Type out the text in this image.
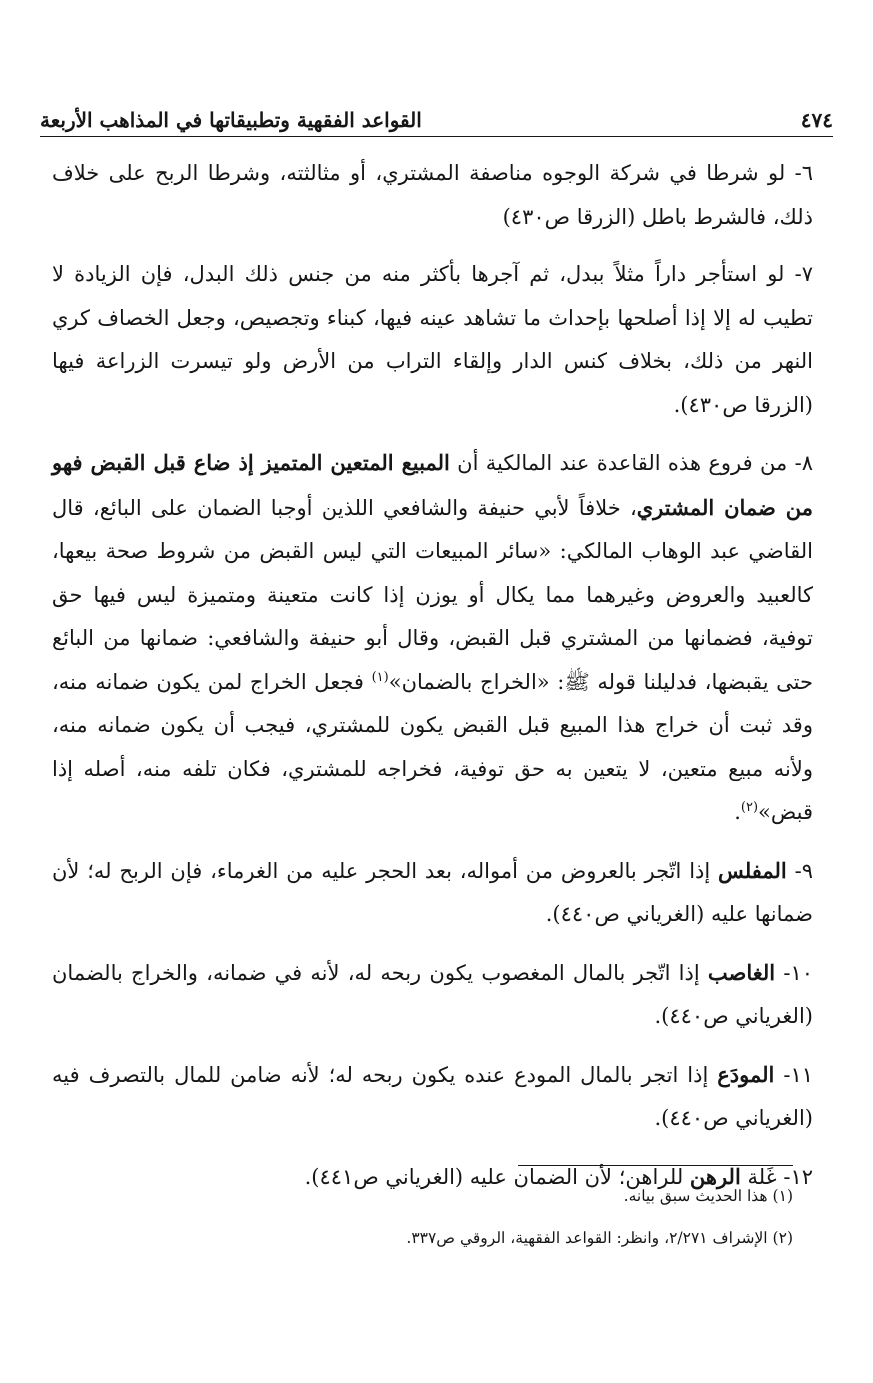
٤٧٤
القواعد الفقهية وتطبيقاتها في المذاهب الأربعة

٦- لو شرطا في شركة الوجوه مناصفة المشتري، أو مثالثته، وشرطا الربح على خلاف ذلك، فالشرط باطل (الزرقا ص٤٣٠)

٧- لو استأجر داراً مثلاً ببدل، ثم آجرها بأكثر منه من جنس ذلك البدل، فإن الزيادة لا تطيب له إلا إذا أصلحها بإحداث ما تشاهد عينه فيها، كبناء وتجصيص، وجعل الخصاف كري النهر من ذلك، بخلاف كنس الدار وإلقاء التراب من الأرض ولو تيسرت الزراعة فيها (الزرقا ص٤٣٠).

٨- من فروع هذه القاعدة عند المالكية أن المبيع المتعين المتميز إذ ضاع قبل القبض فهو من ضمان المشتري، خلافاً لأبي حنيفة والشافعي اللذين أوجبا الضمان على البائع، قال القاضي عبد الوهاب المالكي: «سائر المبيعات التي ليس القبض من شروط صحة بيعها، كالعبيد والعروض وغيرهما مما يكال أو يوزن إذا كانت متعينة ومتميزة ليس فيها حق توفية، فضمانها من المشتري قبل القبض، وقال أبو حنيفة والشافعي: ضمانها من البائع حتى يقبضها، فدليلنا قوله ﷺ: «الخراج بالضمان»$^{(١)}$ فجعل الخراج لمن يكون ضمانه منه، وقد ثبت أن خراج هذا المبيع قبل القبض يكون للمشتري، فيجب أن يكون ضمانه منه، ولأنه مبيع متعين، لا يتعين به حق توفية، فخراجه للمشتري، فكان تلفه منه، أصله إذا قبض»$^{(٢)}$.

٩- المفلس إذا اتّجر بالعروض من أمواله، بعد الحجر عليه من الغرماء، فإن الربح له؛ لأن ضمانها عليه (الغرياني ص٤٤٠).

١٠- الغاصب إذا اتّجر بالمال المغصوب يكون ربحه له، لأنه في ضمانه، والخراج بالضمان (الغرياني ص٤٤٠).

١١- المودَع إذا اتجر بالمال المودع عنده يكون ربحه له؛ لأنه ضامن للمال بالتصرف فيه (الغرياني ص٤٤٠).

١٢- غَلة الرهن للراهن؛ لأن الضمان عليه (الغرياني ص٤٤١).

(١) هذا الحديث سبق بيانه.

(٢) الإشراف ٢/٢٧١، وانظر: القواعد الفقهية، الروقي ص٣٣٧.
